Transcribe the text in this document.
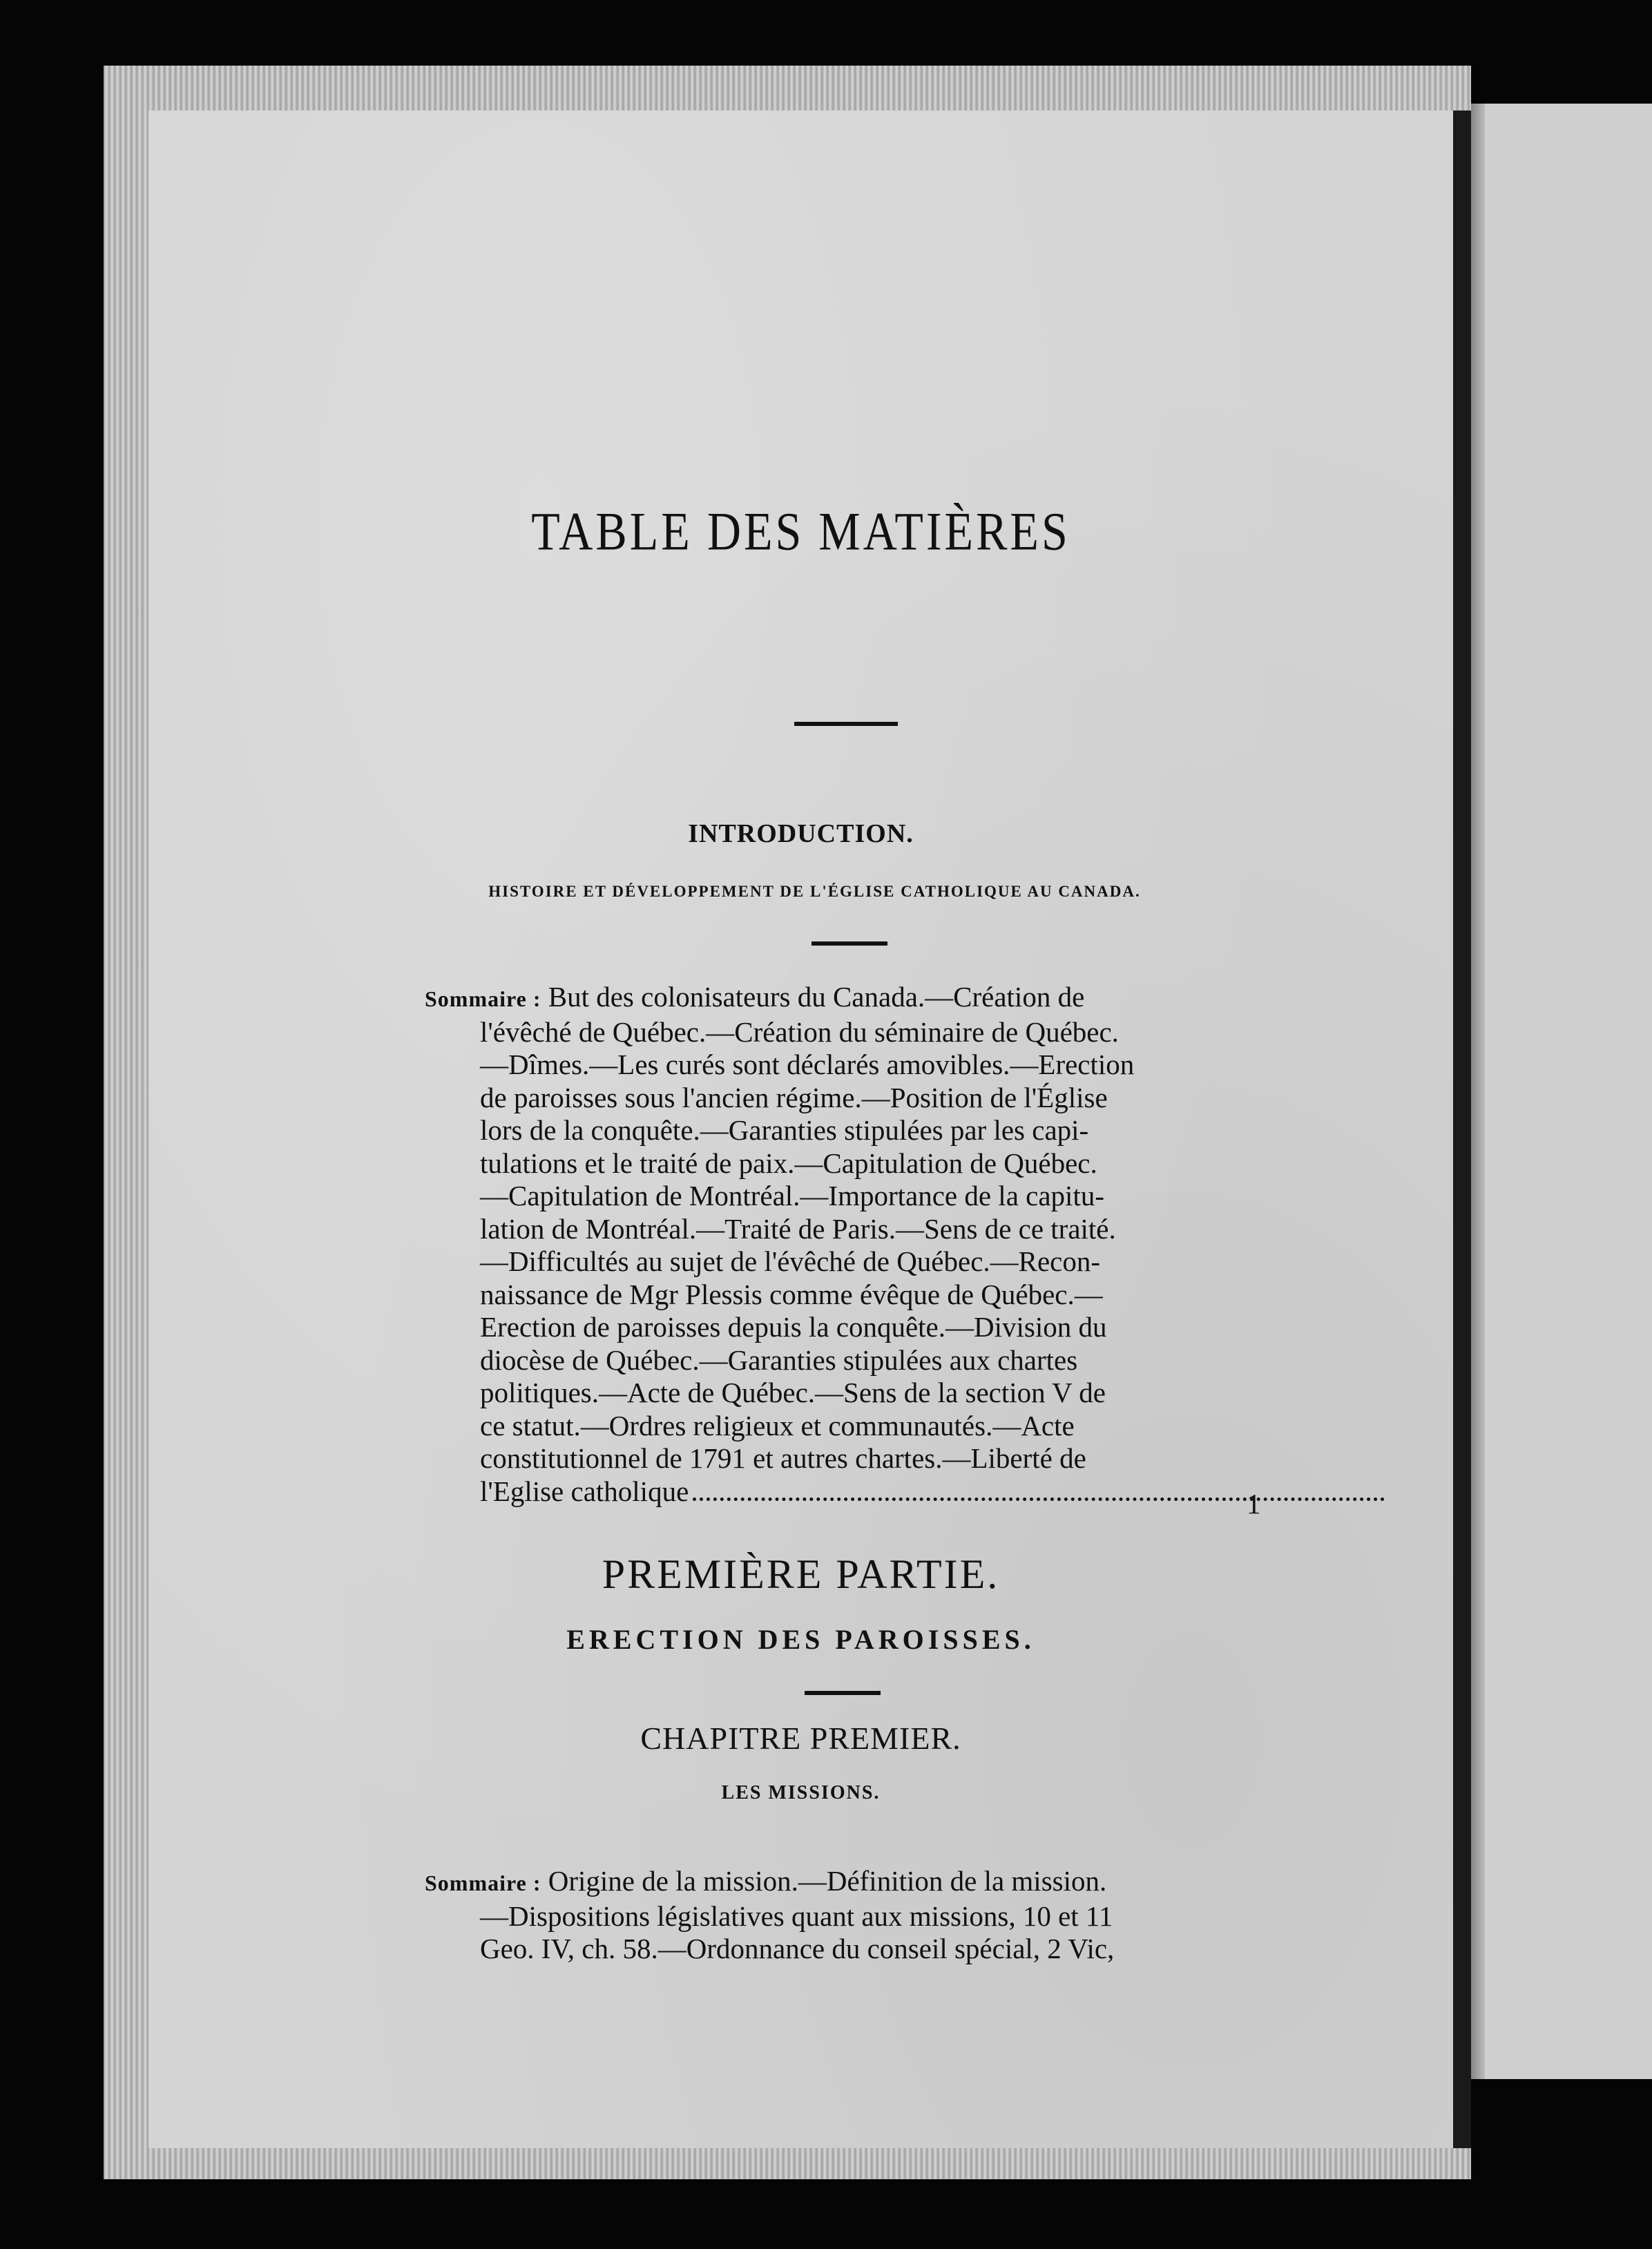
TABLE DES MATIÈRES
INTRODUCTION.
HISTOIRE ET DÉVELOPPEMENT DE L'ÉGLISE CATHOLIQUE AU CANADA.
Sommaire : But des colonisateurs du Canada.—Création de
l'évêché de Québec.—Création du séminaire de Québec.
—Dîmes.—Les curés sont déclarés amovibles.—Erection
de paroisses sous l'ancien régime.—Position de l'Église
lors de la conquête.—Garanties stipulées par les capi-
tulations et le traité de paix.—Capitulation de Québec.
—Capitulation de Montréal.—Importance de la capitu-
lation de Montréal.—Traité de Paris.—Sens de ce traité.
—Difficultés au sujet de l'évêché de Québec.—Recon-
naissance de Mgr Plessis comme évêque de Québec.—
Erection de paroisses depuis la conquête.—Division du
diocèse de Québec.—Garanties stipulées aux chartes
politiques.—Acte de Québec.—Sens de la section V de
ce statut.—Ordres religieux et communautés.—Acte
constitutionnel de 1791 et autres chartes.—Liberté de
l'Eglise catholique	1
PREMIÈRE PARTIE.
ERECTION DES PAROISSES.
CHAPITRE PREMIER.
LES MISSIONS.
Sommaire : Origine de la mission.—Définition de la mission.
—Dispositions législatives quant aux missions, 10 et 11
Geo. IV, ch. 58.—Ordonnance du conseil spécial, 2 Vic,
